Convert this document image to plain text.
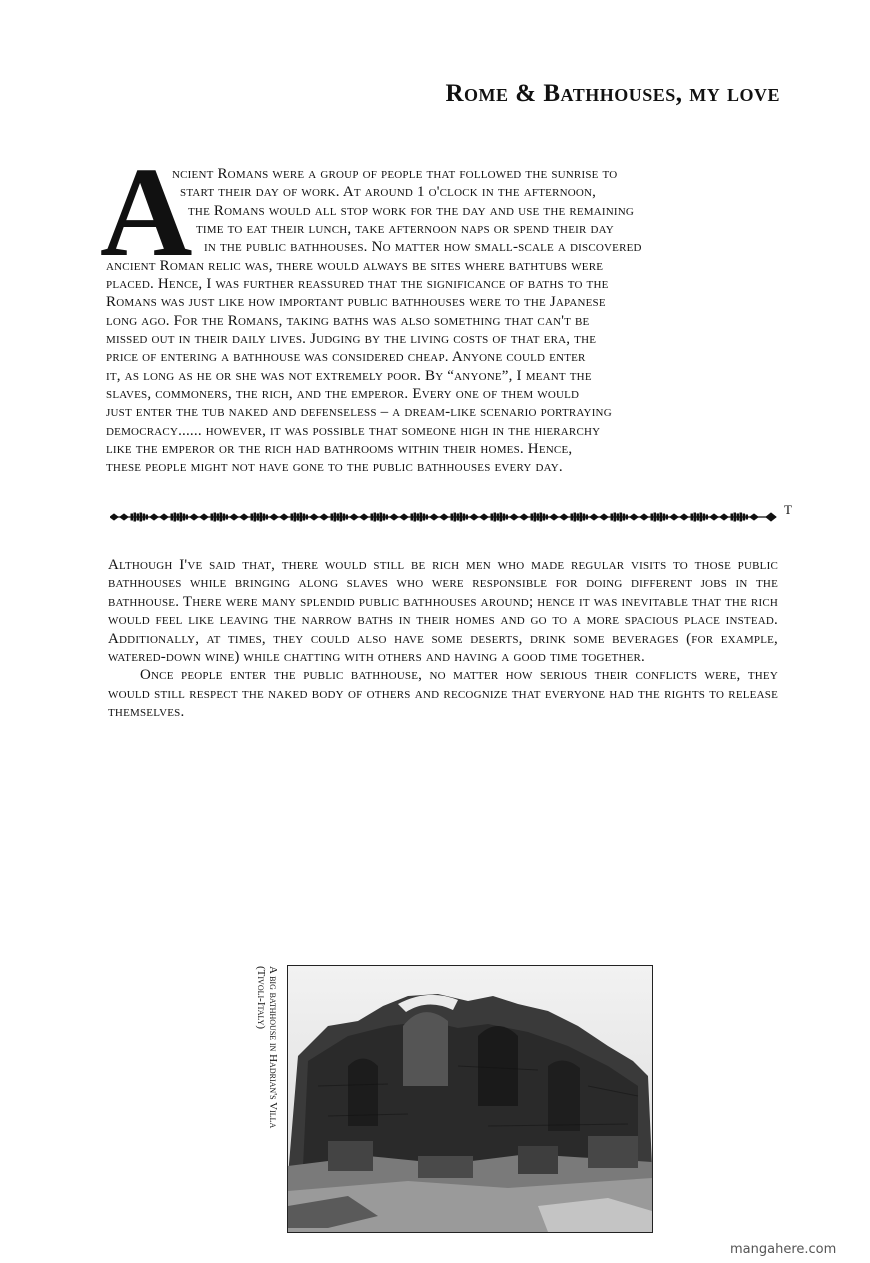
Rome & Bathhouses, my love
A
ncient Romans were a group of people that followed the sunrise to
start their day of work. At around 1 o'clock in the afternoon,
the Romans would all stop work for the day and use the remaining
time to eat their lunch, take afternoon naps or spend their day
in the public bathhouses. No matter how small-scale a discovered
ancient Roman relic was, there would always be sites where bathtubs were
placed. Hence, I was further reassured that the significance of baths to the
Romans was just like how important public bathhouses were to the Japanese
long ago. For the Romans, taking baths was also something that can't be
missed out in their daily lives. Judging by the living costs of that era, the
price of entering a bathhouse was considered cheap. Anyone could enter
it, as long as he or she was not extremely poor. By “anyone”, I meant the
slaves, commoners, the rich, and the emperor. Every one of them would
just enter the tub naked and defenseless – a dream-like scenario portraying
democracy...... however, it was possible that someone high in the hierarchy
like the emperor or the rich had bathrooms within their homes. Hence,
these people might not have gone to the public bathhouses every day.
T

Although I've said that, there would still be rich men who made regular visits to those public bathhouses while bringing along slaves who were responsible for doing different jobs in the bathhouse. There were many splendid public bathhouses around; hence it was inevitable that the rich would feel like leaving the narrow baths in their homes and go to a more spacious place instead. Additionally, at times, they could also have some deserts, drink some beverages (for example, watered-down wine) while chatting with others and having a good time together.

Once people enter the public bathhouse, no matter how serious their conflicts were, they would still respect the naked body of others and recognize that everyone had the rights to release themselves.

A big bathhouse in Hadrian's Villa
(Tivoli-Italy)
mangahere.com
